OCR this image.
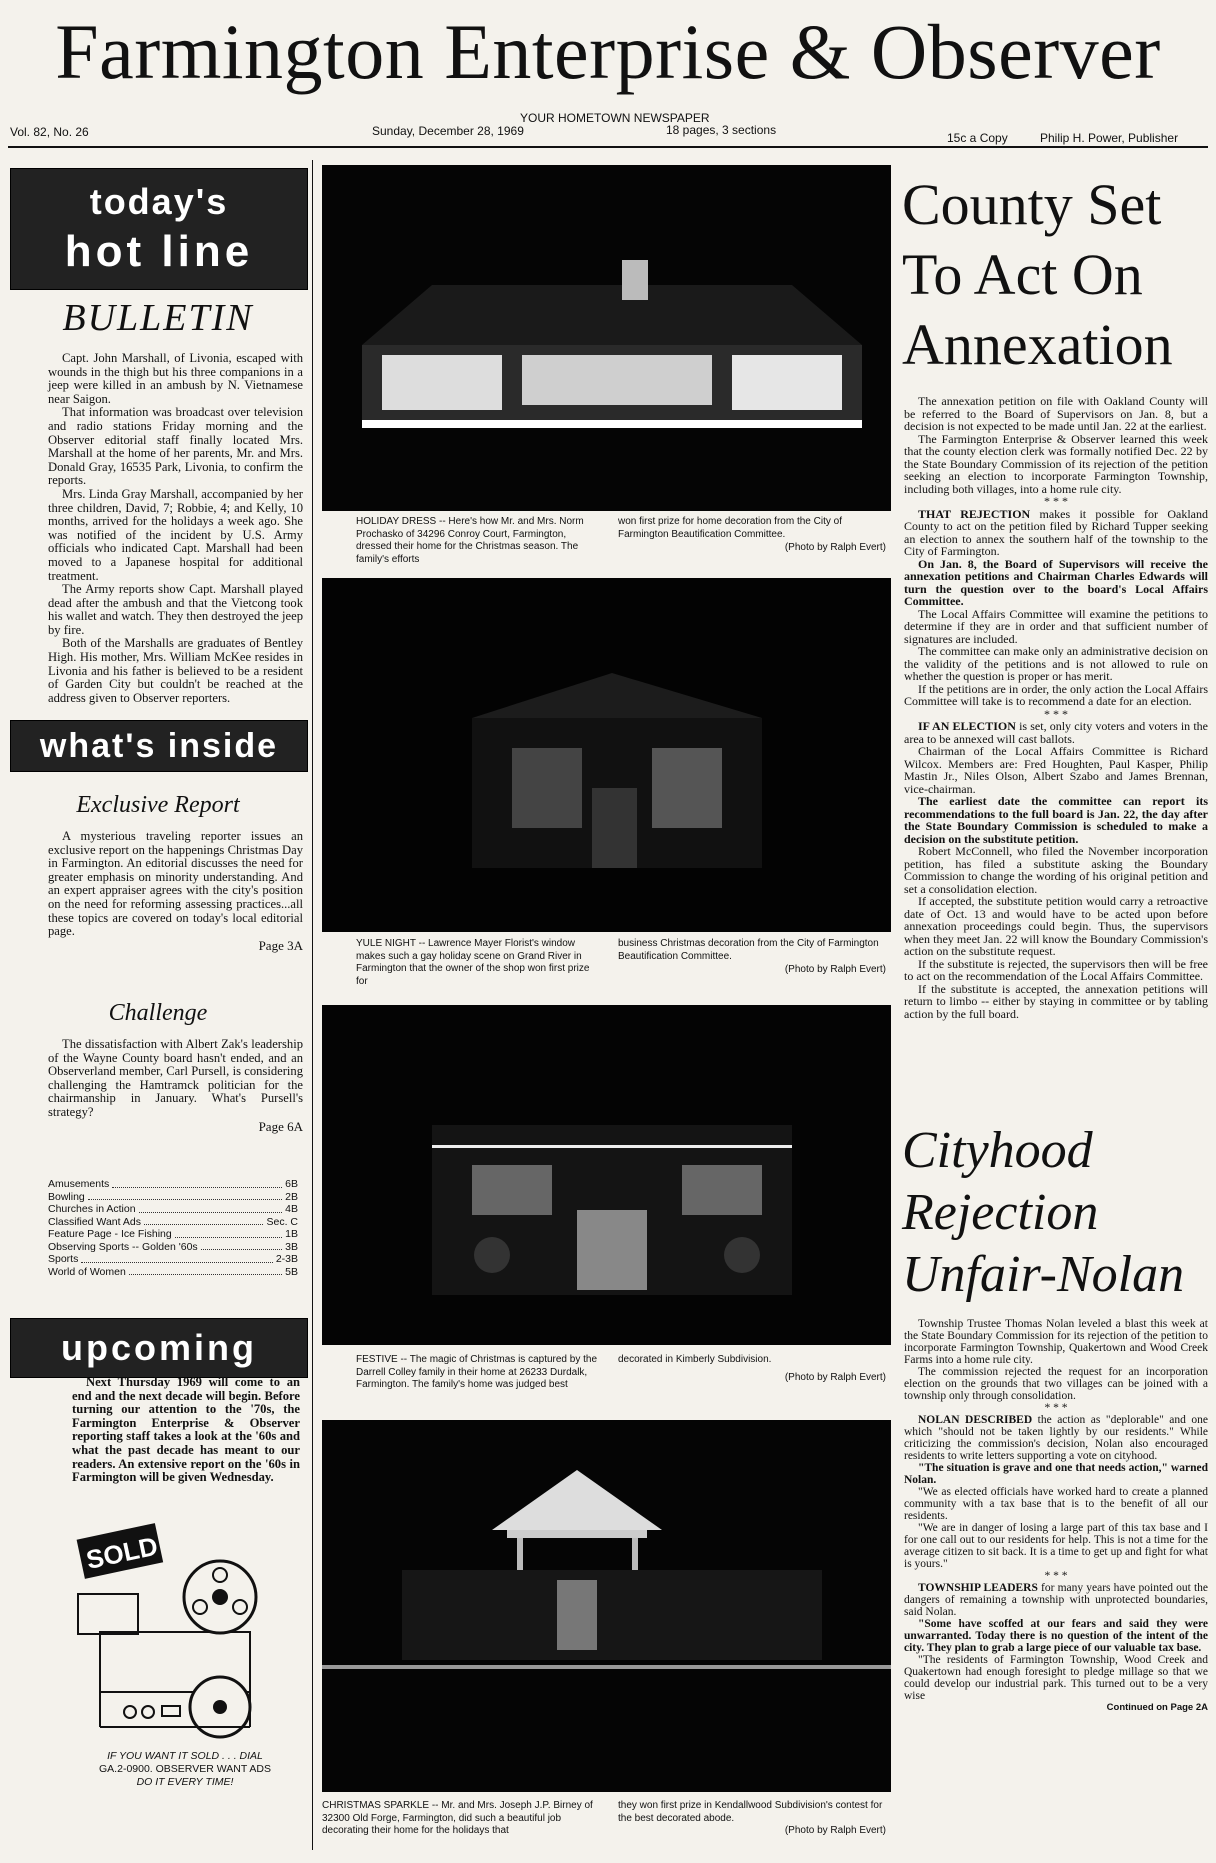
Farmington Enterprise & Observer
Vol. 82, No. 26
YOUR HOMETOWN NEWSPAPER
Sunday, December 28, 1969	18 pages, 3 sections
15c a Copy	Philip H. Power, Publisher
today's
hot line
BULLETIN

Capt. John Marshall, of Livonia, escaped with wounds in the thigh but his three companions in a jeep were killed in an ambush by N. Vietnamese near Saigon.

That information was broadcast over television and radio stations Friday morning and the Observer editorial staff finally located Mrs. Marshall at the home of her parents, Mr. and Mrs. Donald Gray, 16535 Park, Livonia, to confirm the reports.

Mrs. Linda Gray Marshall, accompanied by her three children, David, 7; Robbie, 4; and Kelly, 10 months, arrived for the holidays a week ago. She was notified of the incident by U.S. Army officials who indicated Capt. Marshall had been moved to a Japanese hospital for additional treatment.

The Army reports show Capt. Marshall played dead after the ambush and that the Vietcong took his wallet and watch. They then destroyed the jeep by fire.

Both of the Marshalls are graduates of Bentley High. His mother, Mrs. William McKee resides in Livonia and his father is believed to be a resident of Garden City but couldn't be reached at the address given to Observer reporters.

what's inside
Exclusive Report

A mysterious traveling reporter issues an exclusive report on the happenings Christmas Day in Farmington. An editorial discusses the need for greater emphasis on minority understanding. And an expert appraiser agrees with the city's position on the need for reforming assessing practices...all these topics are covered on today's local editorial page.

Page 3A
Challenge

The dissatisfaction with Albert Zak's leadership of the Wayne County board hasn't ended, and an Observerland member, Carl Pursell, is considering challenging the Hamtramck politician for the chairmanship in January. What's Pursell's strategy?

Page 6A
Amusements	6B
Bowling	2B
Churches in Action	4B
Classified Want Ads	Sec. C
Feature Page - Ice Fishing	1B
Observing Sports -- Golden '60s	3B
Sports	2-3B
World of Women	5B
upcoming

Next Thursday 1969 will come to an end and the next decade will begin. Before turning our attention to the '70s, the Farmington Enterprise & Observer reporting staff takes a look at the '60s and what the past decade has meant to our readers. An extensive report on the '60s in Farmington will be given Wednesday.

SOLD
IF YOU WANT IT SOLD . . . DIAL
GA.2-0900. OBSERVER WANT ADS
DO IT EVERY TIME!
HOLIDAY DRESS -- Here's how Mr. and Mrs. Norm Prochasko of 34296 Conroy Court, Farmington, dressed their home for the Christmas season. The family's efforts
won first prize for home decoration from the City of Farmington Beautification Committee.
(Photo by Ralph Evert)
YULE NIGHT -- Lawrence Mayer Florist's window makes such a gay holiday scene on Grand River in Farmington that the owner of the shop won first prize for
business Christmas decoration from the City of Farmington Beautification Committee.
(Photo by Ralph Evert)
FESTIVE -- The magic of Christmas is captured by the Darrell Colley family in their home at 26233 Durdalk, Farmington. The family's home was judged best
decorated in Kimberly Subdivision.
(Photo by Ralph Evert)
CHRISTMAS SPARKLE -- Mr. and Mrs. Joseph J.P. Birney of 32300 Old Forge, Farmington, did such a beautiful job decorating their home for the holidays that
they won first prize in Kendallwood Subdivision's contest for the best decorated abode.
(Photo by Ralph Evert)
County Set
To Act On
Annexation

The annexation petition on file with Oakland County will be referred to the Board of Supervisors on Jan. 8, but a decision is not expected to be made until Jan. 22 at the earliest.

The Farmington Enterprise & Observer learned this week that the county election clerk was formally notified Dec. 22 by the State Boundary Commission of its rejection of the petition seeking an election to incorporate Farmington Township, including both villages, into a home rule city.

* * *

THAT REJECTION makes it possible for Oakland County to act on the petition filed by Richard Tupper seeking an election to annex the southern half of the township to the City of Farmington.

On Jan. 8, the Board of Supervisors will receive the annexation petitions and Chairman Charles Edwards will turn the question over to the board's Local Affairs Committee.

The Local Affairs Committee will examine the petitions to determine if they are in order and that sufficient number of signatures are included.

The committee can make only an administrative decision on the validity of the petitions and is not allowed to rule on whether the question is proper or has merit.

If the petitions are in order, the only action the Local Affairs Committee will take is to recommend a date for an election.

* * *

IF AN ELECTION is set, only city voters and voters in the area to be annexed will cast ballots.

Chairman of the Local Affairs Committee is Richard Wilcox. Members are: Fred Houghten, Paul Kasper, Philip Mastin Jr., Niles Olson, Albert Szabo and James Brennan, vice-chairman.

The earliest date the committee can report its recommendations to the full board is Jan. 22, the day after the State Boundary Commission is scheduled to make a decision on the substitute petition.

Robert McConnell, who filed the November incorporation petition, has filed a substitute asking the Boundary Commission to change the wording of his original petition and set a consolidation election.

If accepted, the substitute petition would carry a retroactive date of Oct. 13 and would have to be acted upon before annexation proceedings could begin. Thus, the supervisors when they meet Jan. 22 will know the Boundary Commission's action on the substitute request.

If the substitute is rejected, the supervisors then will be free to act on the recommendation of the Local Affairs Committee.

If the substitute is accepted, the annexation petitions will return to limbo -- either by staying in committee or by tabling action by the full board.

Cityhood
Rejection
Unfair-Nolan

Township Trustee Thomas Nolan leveled a blast this week at the State Boundary Commission for its rejection of the petition to incorporate Farmington Township, Quakertown and Wood Creek Farms into a home rule city.

The commission rejected the request for an incorporation election on the grounds that two villages can be joined with a township only through consolidation.

* * *

NOLAN DESCRIBED the action as "deplorable" and one which "should not be taken lightly by our residents." While criticizing the commission's decision, Nolan also encouraged residents to write letters supporting a vote on cityhood.

"The situation is grave and one that needs action," warned Nolan.

"We as elected officials have worked hard to create a planned community with a tax base that is to the benefit of all our residents.

"We are in danger of losing a large part of this tax base and I for one call out to our residents for help. This is not a time for the average citizen to sit back. It is a time to get up and fight for what is yours."

* * *

TOWNSHIP LEADERS for many years have pointed out the dangers of remaining a township with unprotected boundaries, said Nolan.

"Some have scoffed at our fears and said they were unwarranted. Today there is no question of the intent of the city. They plan to grab a large piece of our valuable tax base.

"The residents of Farmington Township, Wood Creek and Quakertown had enough foresight to pledge millage so that we could develop our industrial park. This turned out to be a very wise

Continued on Page 2A
